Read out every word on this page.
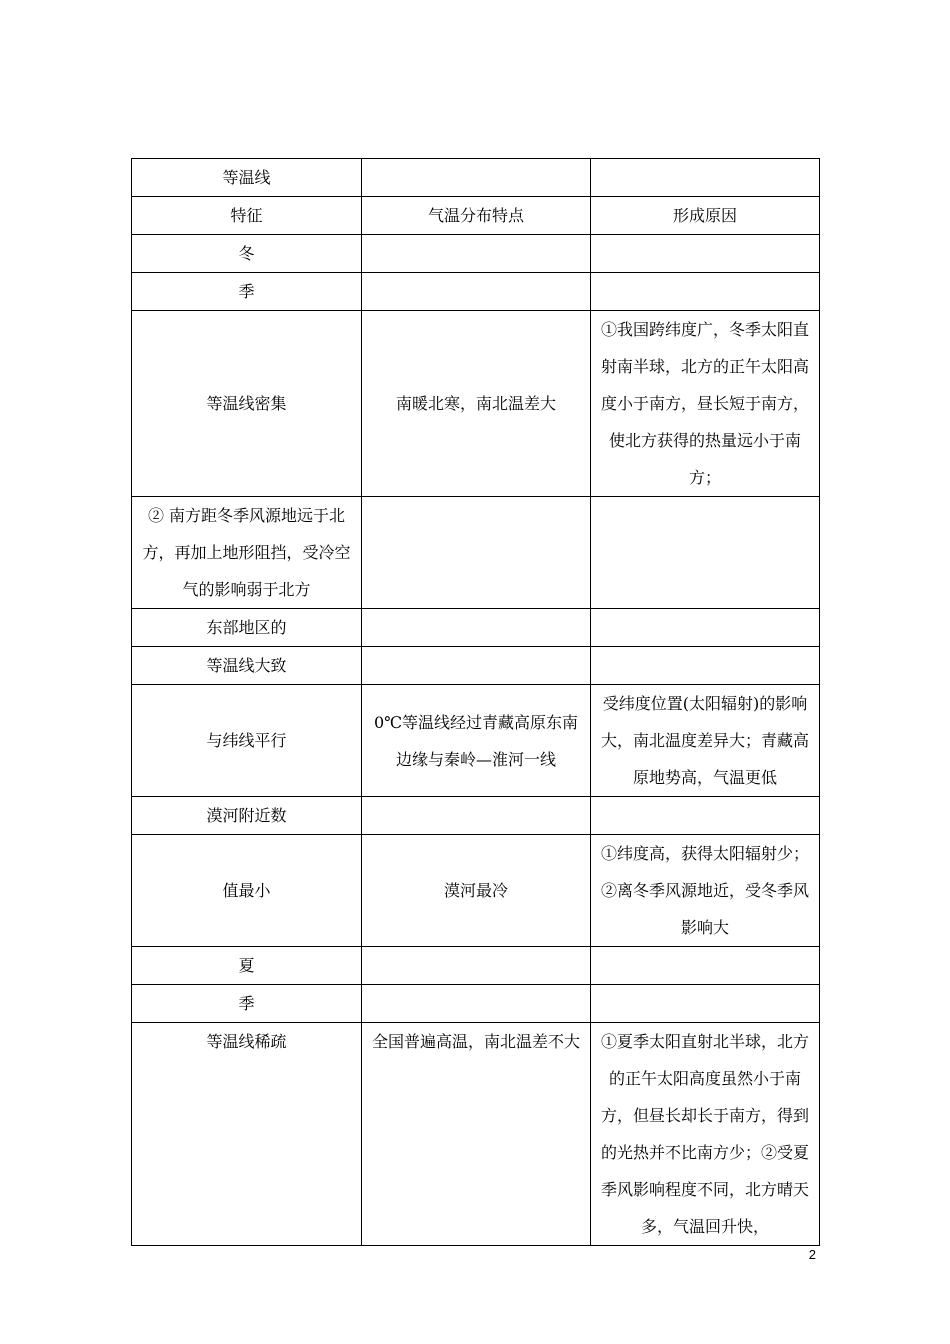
等温线		
特征	气温分布特点	形成原因
冬		
季		
等温线密集	南暖北寒，南北温差大	①我国跨纬度广，冬季太阳直射南半球，北方的正午太阳高度小于南方，昼长短于南方，使北方获得的热量远小于南方；
② 南方距冬季风源地远于北方，再加上地形阻挡，受冷空气的影响弱于北方		
东部地区的		
等温线大致		
与纬线平行	0℃等温线经过青藏高原东南边缘与秦岭—淮河一线	受纬度位置(太阳辐射)的影响大，南北温度差异大；青藏高原地势高，气温更低
漠河附近数		
值最小	漠河最冷	①纬度高，获得太阳辐射少；②离冬季风源地近，受冬季风影响大
夏		
季		
等温线稀疏	全国普遍高温，南北温差不大	①夏季太阳直射北半球，北方的正午太阳高度虽然小于南方，但昼长却长于南方，得到的光热并不比南方少；②受夏季风影响程度不同，北方晴天多，气温回升快，
2
